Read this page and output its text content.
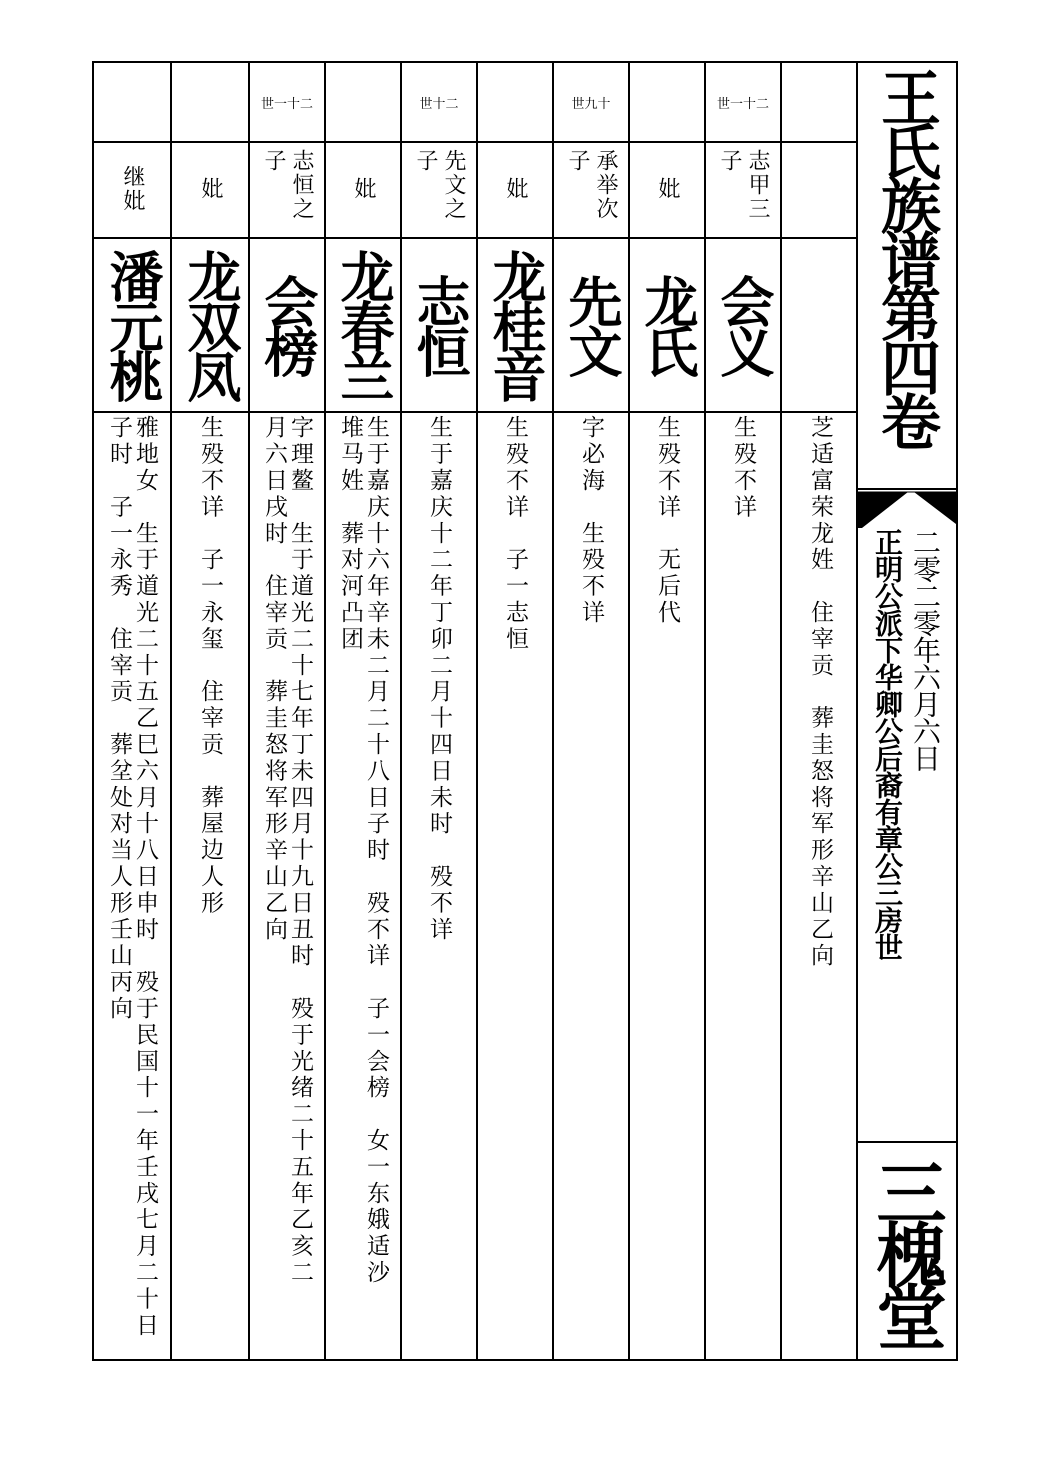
王氏族谱第四卷
正明公派下华卿公后裔有章公三房世 二零二零年六月六日
三槐堂
芝适富荣龙姓　住宰贡　葬圭怒将军形辛山乙向
世一十二
志甲三子
会义
生殁不详
妣
龙氏
生殁不详　无后代
世九十
承举次子
先文
字必海　生殁不详
妣
龙桂音
生殁不详　子一志恒
世十二
先文之子
志恒
生于嘉庆十二年丁卯二月十四日未时　殁不详
妣
龙春兰
生于嘉庆十六年辛未二月二十八日子时　殁不详　子一会榜　女一东娥适沙堆马姓　葬对河凸团
世一十二
志恒之子
会榜
字理鳌　生于道光二十七年丁未四月十九日丑时　殁于光绪二十五年乙亥二月六日戌时　住宰贡　葬圭怒将军形辛山乙向
妣
龙双凤
生殁不详　子一永玺　住宰贡　葬屋边人形
继妣
潘元桃
雅地女　生于道光二十五乙巳六月十八日申时　殁于民国十一年壬戌七月二十日子时　子一永秀　住宰贡　葬坌处对当人形壬山丙向
